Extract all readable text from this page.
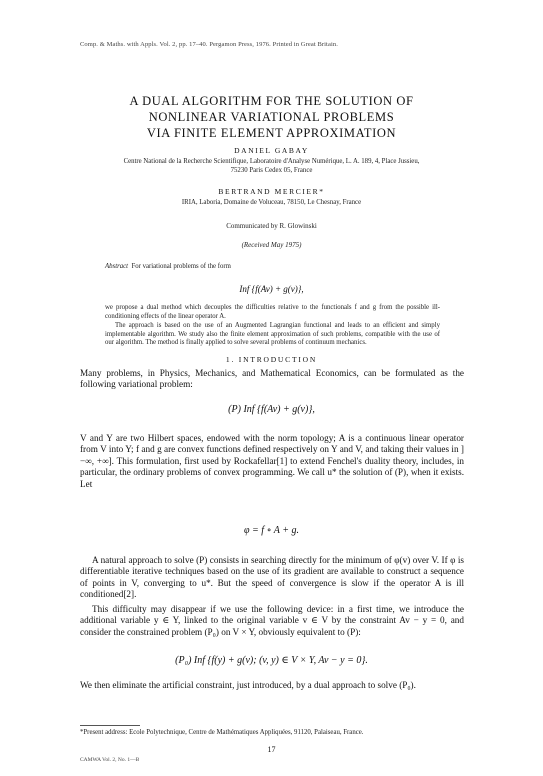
Comp. & Maths. with Appls. Vol. 2, pp. 17–40. Pergamon Press, 1976. Printed in Great Britain.
A DUAL ALGORITHM FOR THE SOLUTION OF
NONLINEAR VARIATIONAL PROBLEMS
VIA FINITE ELEMENT APPROXIMATION
DANIEL GABAY
Centre National de la Recherche Scientifique, Laboratoire d'Analyse Numérique, L. A. 189, 4, Place Jussieu,
75230 Paris Cedex 05, France
BERTRAND MERCIER*
IRIA, Laboria, Domaine de Voluceau, 78150, Le Chesnay, France
Communicated by R. Glowinski
(Received May 1975)
Abstract For variational problems of the form
Inf {f(Av) + g(v)},
we propose a dual method which decouples the difficulties relative to the functionals f and g from the possible ill-conditioning effects of the linear operator A.
The approach is based on the use of an Augmented Lagrangian functional and leads to an efficient and simply implementable algorithm. We study also the finite element approximation of such problems, compatible with the use of our algorithm. The method is finally applied to solve several problems of continuum mechanics.
1. INTRODUCTION

Many problems, in Physics, Mechanics, and Mathematical Economics, can be formulated as the following variational problem:

(P) Inf {f(Av) + g(v)},

V and Y are two Hilbert spaces, endowed with the norm topology; A is a continuous linear operator from V into Y; f and g are convex functions defined respectively on Y and V, and taking their values in ]−∞, +∞]. This formulation, first used by Rockafellar[1] to extend Fenchel's duality theory, includes, in particular, the ordinary problems of convex programming. We call u* the solution of (P), when it exists. Let

φ = f ∘ A + g.

A natural approach to solve (P) consists in searching directly for the minimum of φ(v) over V. If φ is differentiable iterative techniques based on the use of its gradient are available to construct a sequence of points in V, converging to u*. But the speed of convergence is slow if the operator A is ill conditioned[2].

This difficulty may disappear if we use the following device: in a first time, we introduce the additional variable y ∈ Y, linked to the original variable v ∈ V by the constraint Av − y = 0, and consider the constrained problem (P₀) on V × Y, obviously equivalent to (P):

(P₀) Inf {f(y) + g(v); (v, y) ∈ V × Y, Av − y = 0}.

We then eliminate the artificial constraint, just introduced, by a dual approach to solve (P₀).

*Present address: Ecole Polytechnique, Centre de Mathématiques Appliquées, 91120, Palaiseau, France.
17
CAMWA Vol. 2, No. 1—B
